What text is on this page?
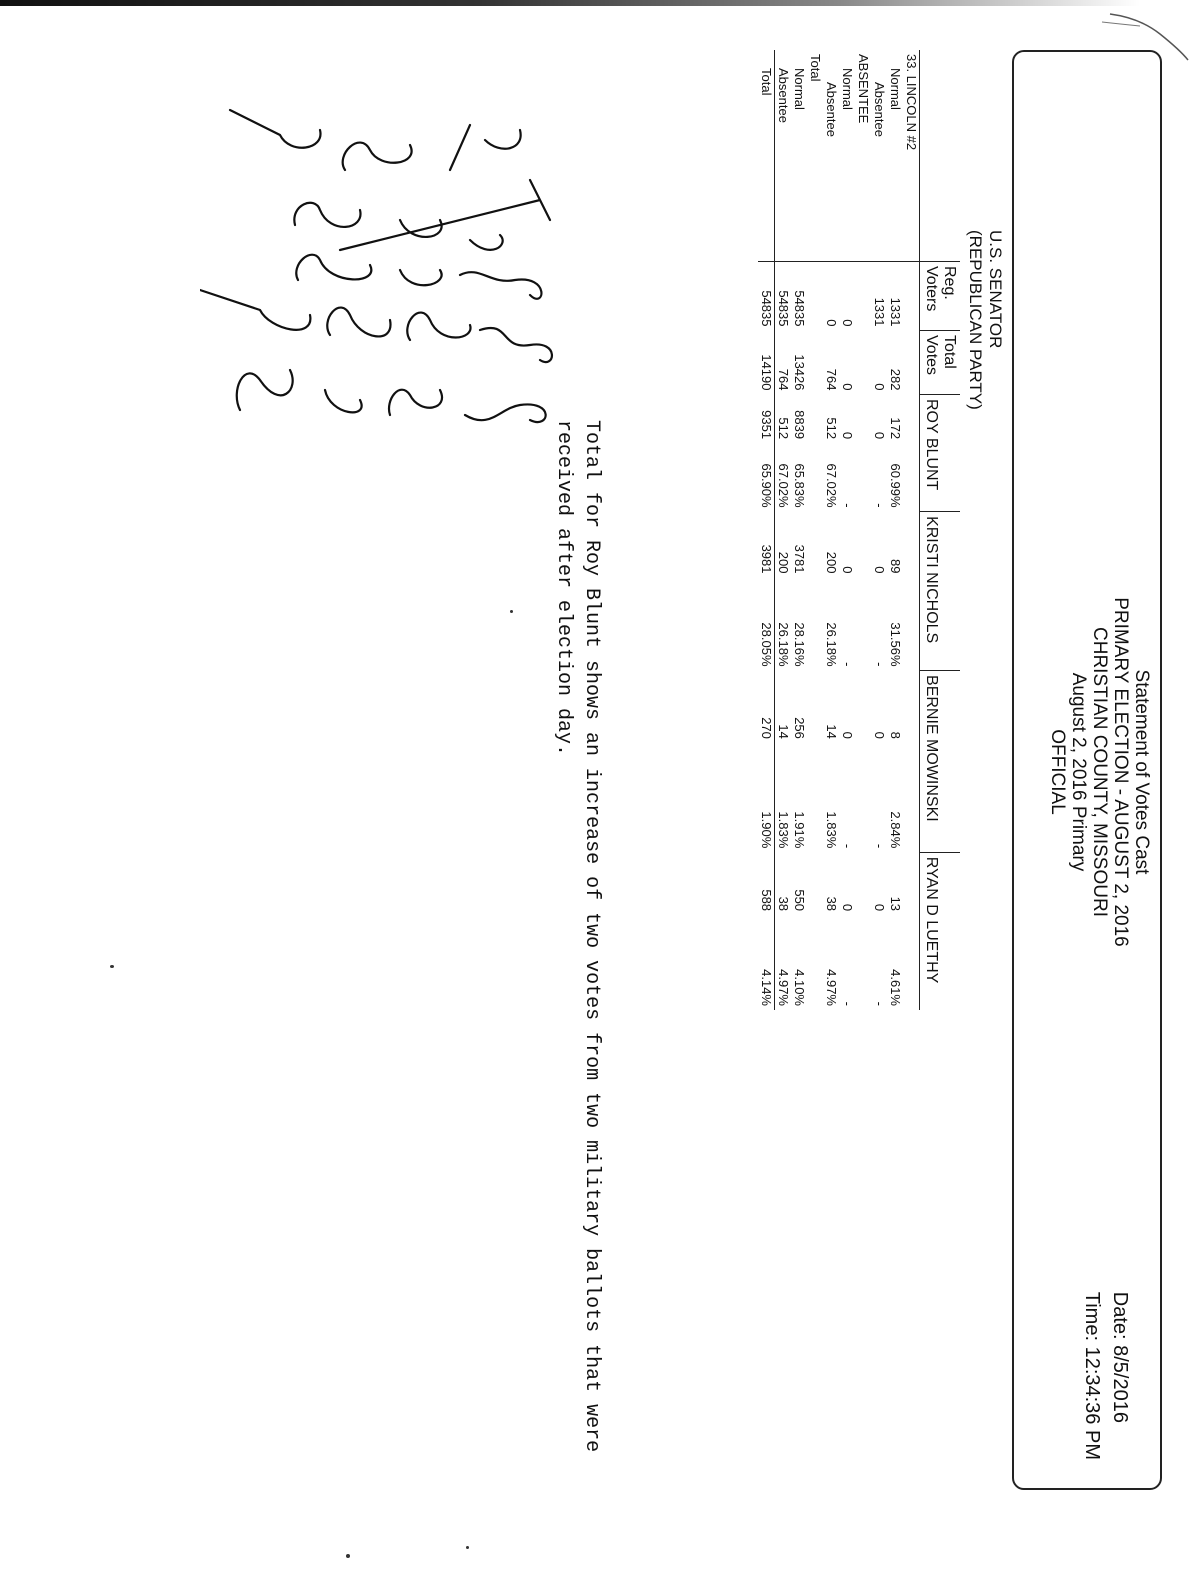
Statement of Votes Cast
PRIMARY ELECTION - AUGUST 2, 2016
CHRISTIAN COUNTY, MISSOURI
August 2, 2016 Primary
OFFICIAL
Date: 8/5/2016
Time: 12:34:36 PM
U.S. SENATOR
(REPUBLICAN PARTY)
	Reg. Voters	Total Votes	ROY BLUNT		KRISTI NICHOLS		BERNIE MOWINSKI		RYAN D LUETHY	
33. LINCOLN #2										
Normal	1331	282	172	60.99%	89	31.56%	8	2.84%	13	4.61%
Absentee	1331	0	0	-	0	-	0	-	0	-
ABSENTEE										
Normal	0	0	0	-	0	-	0	-	0	-
Absentee	0	764	512	67.02%	200	26.18%	14	1.83%	38	4.97%
Total										
Normal	54835	13426	8839	65.83%	3781	28.16%	256	1.91%	550	4.10%
Absentee	54835	764	512	67.02%	200	26.18%	14	1.83%	38	4.97%
Total	54835	14190	9351	65.90%	3981	28.05%	270	1.90%	588	4.14%
Total for Roy Blunt shows an increase of two votes from two military ballots that were received after election day.
